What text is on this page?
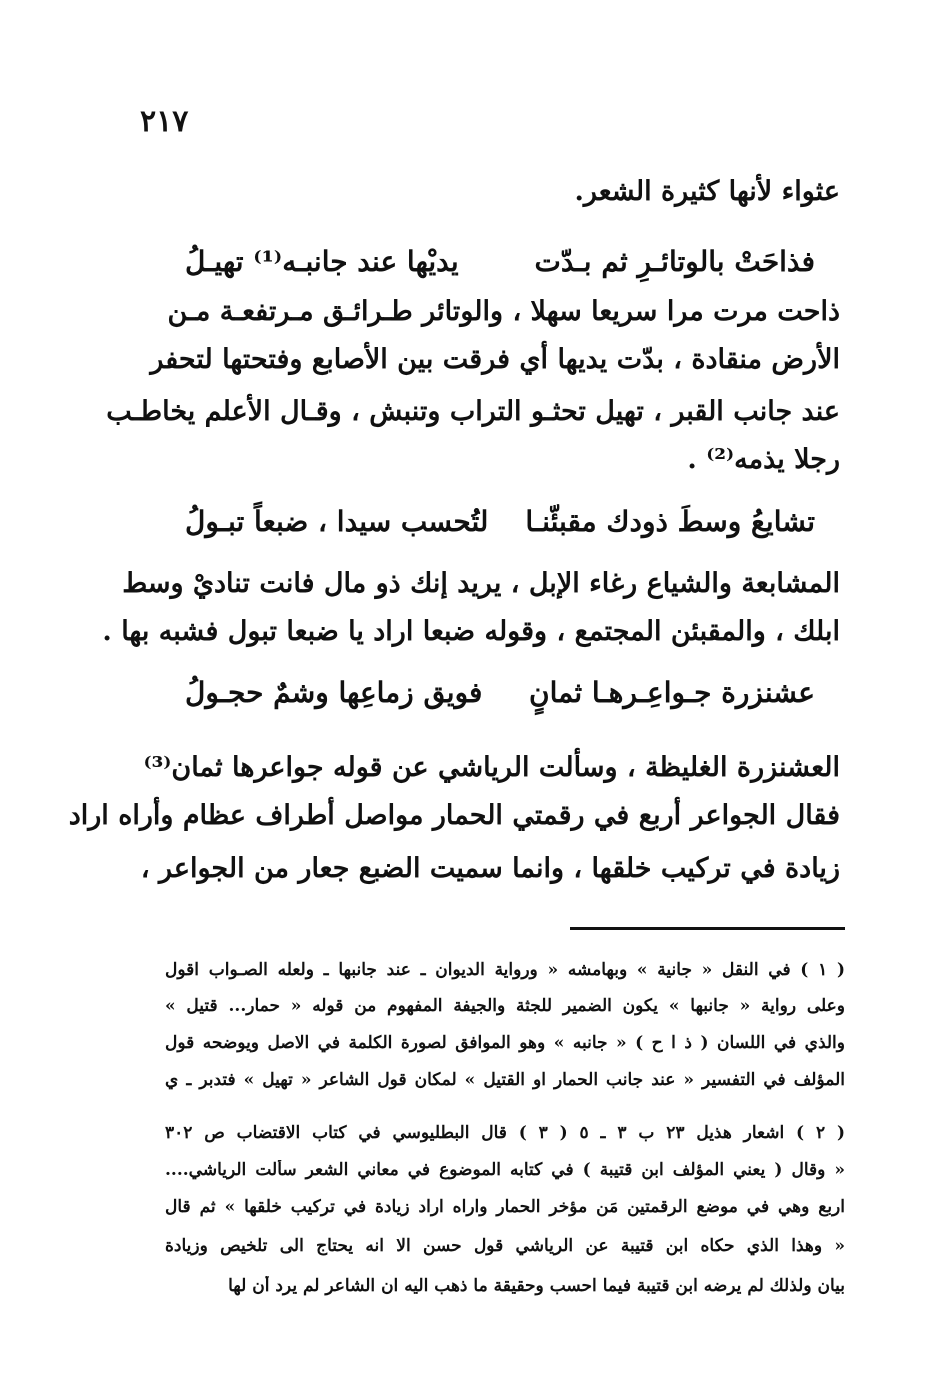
٢١٧
عثواء لأنها كثيرة الشعر.
فذاحَتْ بالوتائـرِ ثم بـدّت
يديْها عند جانبـه⁽¹⁾ تهيـلُ
ذاحت مرت مرا سريعا سهلا ، والوتائر طـرائـق مـرتفعـة مـن
الأرض منقادة ، بدّت يديها أي فرقت بين الأصابع وفتحتها لتحفر
عند جانب القبر ، تهيل تحثـو التراب وتنبش ، وقـال الأعلم يخاطـب
رجلا يذمه⁽²⁾ .
تشايعُ وسطَ ذودك مقبئّنـا
لتُحسب سيدا ، ضبعاً تبـولُ
المشابعة والشياع رغاء الإبل ، يريد إنك ذو مال فانت تناديْ وسط
ابلك ، والمقبئن المجتمع ، وقوله ضبعا اراد يا ضبعا تبول فشبه بها .
عشنزرة جـواعِـرهـا ثمانٍ
فويق زماعِها وشمٌ حجـولُ
العشنزرة الغليظة ، وسألت الرياشي عن قوله جواعرها ثمان⁽³⁾
فقال الجواعر أربع في رقمتي الحمار مواصل أطراف عظام وأراه اراد
زيادة في تركيب خلقها ، وانما سميت الضبع جعار من الجواعر ،
( ١ ) في النقل « جانية » وبهامشه « ورواية الديوان ـ عند جانبها ـ ولعله الصـواب اقول
وعلى رواية « جانبها » يكون الضمير للجثة والجيفة المفهوم من قوله « حمار... قتيل »
والذي في اللسان ( ذ ا ح ) « جانبه » وهو الموافق لصورة الكلمة في الاصل ويوضحه قول
المؤلف في التفسير « عند جانب الحمار او القتيل » لمكان قول الشاعر « تهيل » فتدبر ـ ي
( ٢ ) اشعار هذيل ٢٣ ب ٣ ـ ٥ ( ٣ ) قال البطليوسي في كتاب الاقتضاب ص ٣٠٢
« وقال ( يعني المؤلف ابن قتيبة ) في كتابه الموضوع في معاني الشعر سألت الرياشي....
اربع وهي في موضع الرقمتين مَن مؤخر الحمار واراه اراد زيادة في تركيب خلقها » ثم قال
« وهذا الذي حكاه ابن قتيبة عن الرياشي قول حسن الا انه يحتاج الى تلخيص وزيادة
بيان ولذلك لم يرضه ابن قتيبة فيما احسب وحقيقة ما ذهب اليه ان الشاعر لم يرد أن لها
